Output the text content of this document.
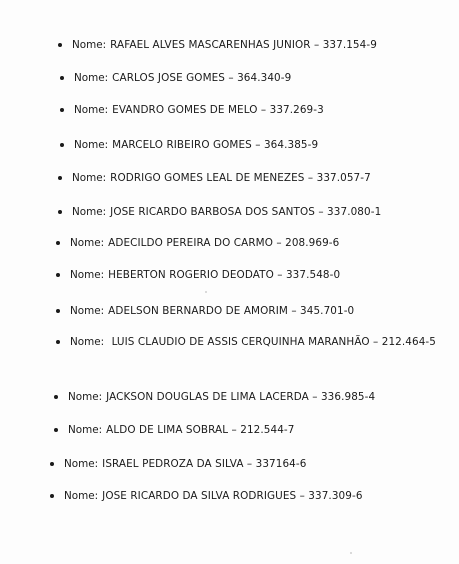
Nome: RAFAEL ALVES MASCARENHAS JUNIOR – 337.154-9
Nome: CARLOS JOSE GOMES – 364.340-9
Nome: EVANDRO GOMES DE MELO – 337.269-3
Nome: MARCELO RIBEIRO GOMES – 364.385-9
Nome: RODRIGO GOMES LEAL DE MENEZES – 337.057-7
Nome: JOSE RICARDO BARBOSA DOS SANTOS – 337.080-1
Nome: ADECILDO PEREIRA DO CARMO – 208.969-6
Nome: HEBERTON ROGERIO DEODATO – 337.548-0
Nome: ADELSON BERNARDO DE AMORIM – 345.701-0
Nome: LUIS CLAUDIO DE ASSIS CERQUINHA MARANHÃO – 212.464-5
Nome: JACKSON DOUGLAS DE LIMA LACERDA – 336.985-4
Nome: ALDO DE LIMA SOBRAL – 212.544-7
Nome: ISRAEL PEDROZA DA SILVA – 337164-6
Nome: JOSE RICARDO DA SILVA RODRIGUES – 337.309-6
